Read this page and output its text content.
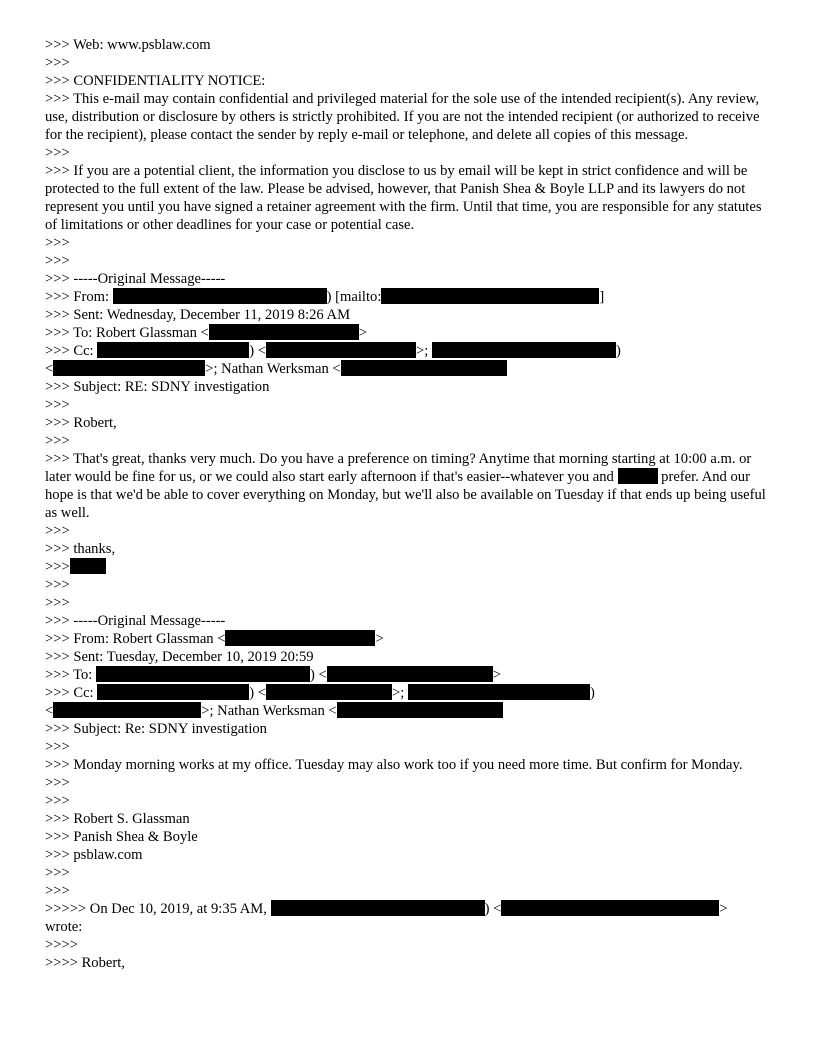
>>> Web: www.psblaw.com
>>>
>>> CONFIDENTIALITY NOTICE:
>>> This e-mail may contain confidential and privileged material for the sole use of the intended recipient(s). Any review, use, distribution or disclosure by others is strictly prohibited. If you are not the intended recipient (or authorized to receive for the recipient), please contact the sender by reply e-mail or telephone, and delete all copies of this message.
>>>
>>> If you are a potential client, the information you disclose to us by email will be kept in strict confidence and will be protected to the full extent of the law. Please be advised, however, that Panish Shea & Boyle LLP and its lawyers do not represent you until you have signed a retainer agreement with the firm. Until that time, you are responsible for any statutes of limitations or other deadlines for your case or potential case.
>>>
>>>
>>> -----Original Message-----
>>> From:	) [mailto:	]
>>> Sent: Wednesday, December 11, 2019 8:26 AM
>>> To: Robert Glassman <	>
>>> Cc:	) <	>;	)
<	>; Nathan Werksman <
>>> Subject: RE: SDNY investigation
>>>
>>> Robert,
>>>
>>> That's great, thanks very much. Do you have a preference on timing? Anytime that morning starting at 10:00 a.m. or later would be fine for us, or we could also start early afternoon if that's easier--whatever you and	prefer. And our hope is that we'd be able to cover everything on Monday, but we'll also be available on Tuesday if that ends up being useful as well.
>>>
>>> thanks,
>>>
>>>
>>>
>>> -----Original Message-----
>>> From: Robert Glassman <	>
>>> Sent: Tuesday, December 10, 2019 20:59
>>> To:	) <	>
>>> Cc:	) <	>;	)
<	>; Nathan Werksman <
>>> Subject: Re: SDNY investigation
>>>
>>> Monday morning works at my office. Tuesday may also work too if you need more time. But confirm for Monday.
>>>
>>>
>>> Robert S. Glassman
>>> Panish Shea & Boyle
>>> psblaw.com
>>>
>>>
>>>>> On Dec 10, 2019, at 9:35 AM,	) <	>
wrote:
>>>>
>>>> Robert,
